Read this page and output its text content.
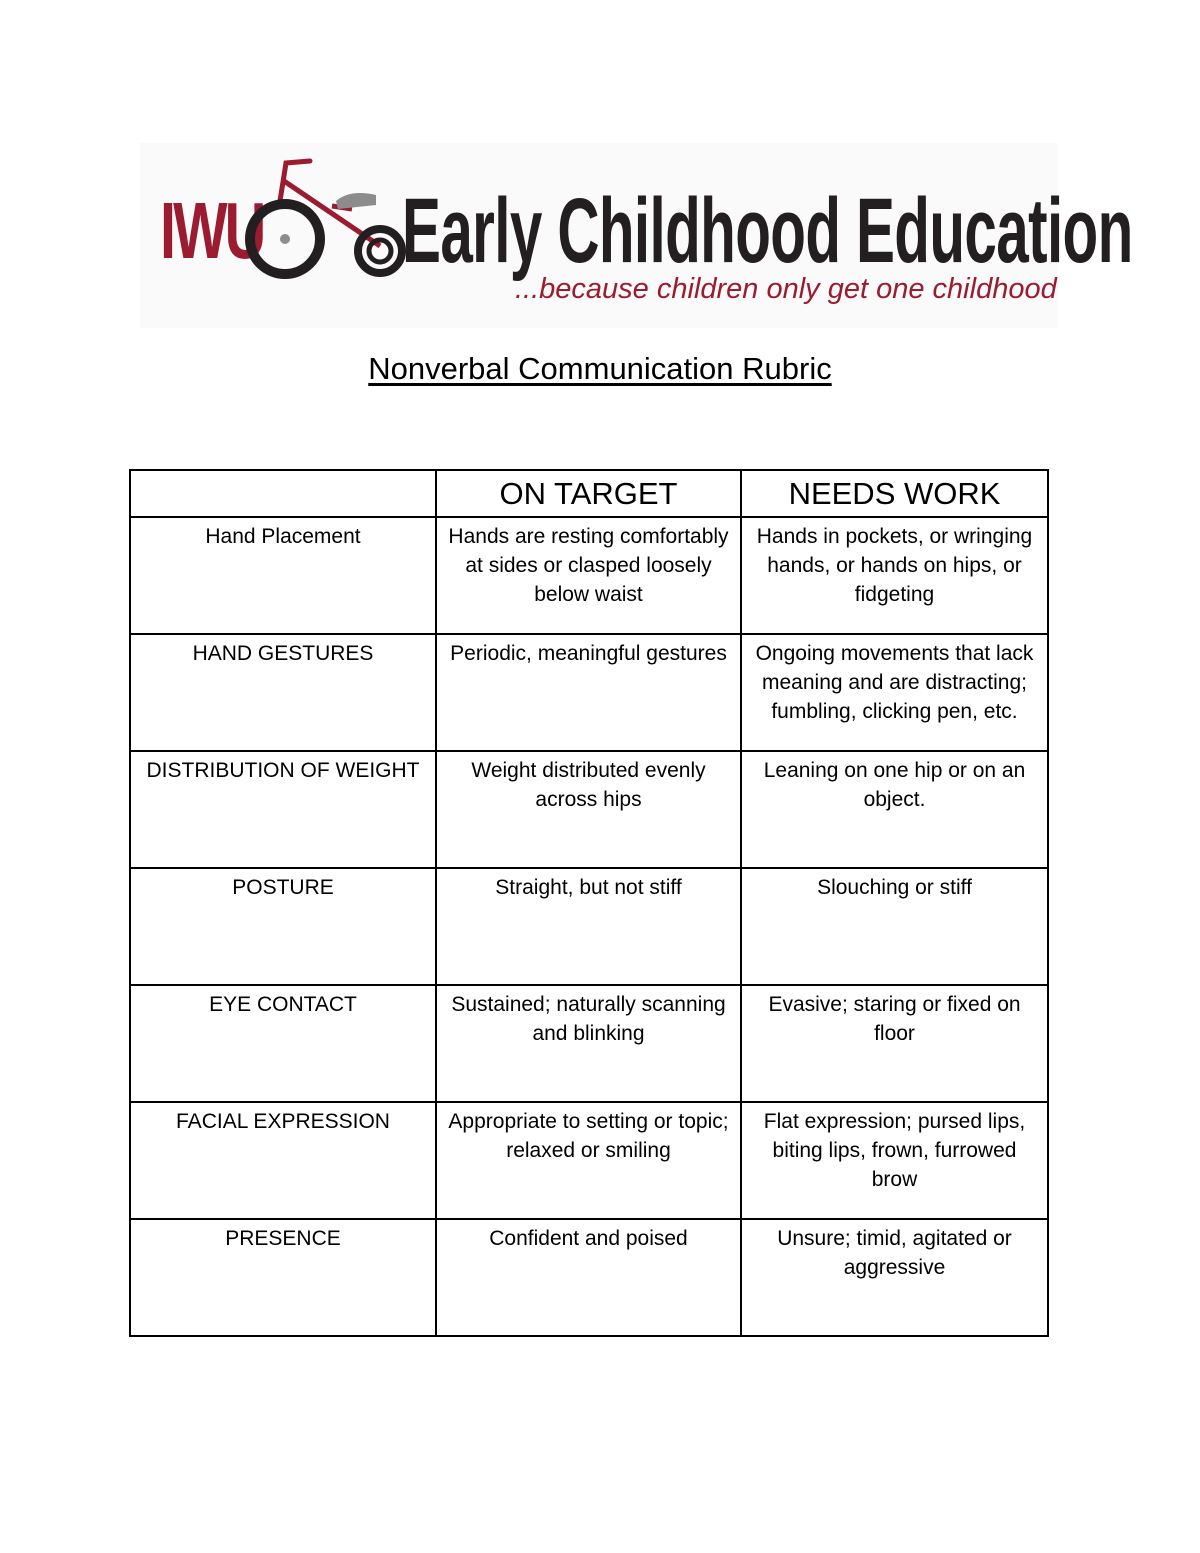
IWU Early Childhood Education
...because children only get one childhood
Nonverbal Communication Rubric
	ON TARGET	NEEDS WORK
Hand Placement	Hands are resting comfortably at sides or clasped loosely below waist	Hands in pockets, or wringing hands, or hands on hips, or fidgeting
HAND GESTURES	Periodic, meaningful gestures	Ongoing movements that lack meaning and are distracting; fumbling, clicking pen, etc.
DISTRIBUTION OF WEIGHT	Weight distributed evenly across hips	Leaning on one hip or on an object.
POSTURE	Straight, but not stiff	Slouching or stiff
EYE CONTACT	Sustained; naturally scanning and blinking	Evasive; staring or fixed on floor
FACIAL EXPRESSION	Appropriate to setting or topic; relaxed or smiling	Flat expression; pursed lips, biting lips, frown, furrowed brow
PRESENCE	Confident and poised	Unsure; timid, agitated or aggressive
